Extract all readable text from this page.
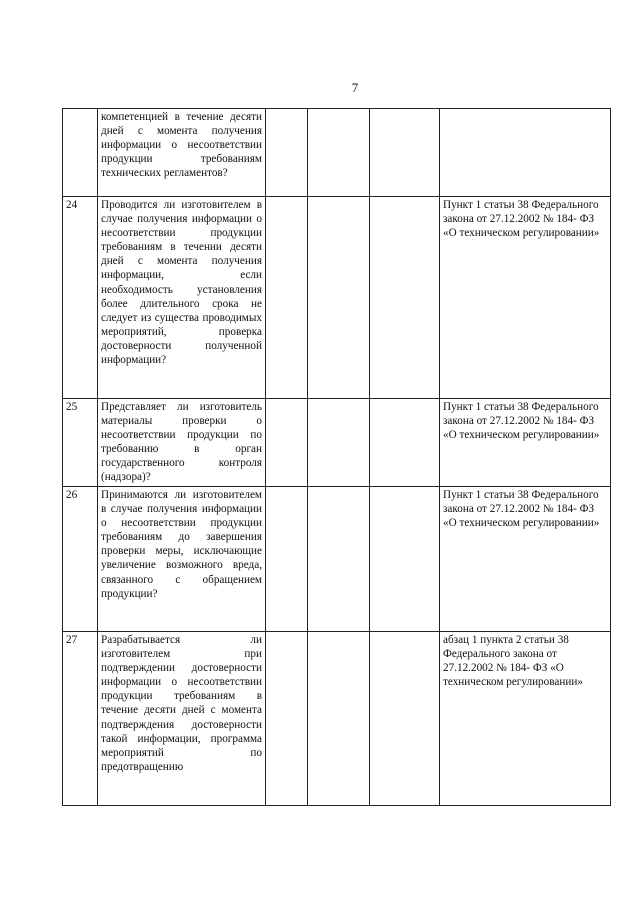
7
	компетенцией в течение десяти дней с момента получения информации о несоответствии продукции требованиям технических регламентов?				
24	Проводится ли изготовителем в случае получения информации о несоответствии продукции требованиям в течении десяти дней с момента получения информации, если необходимость установления более длительного срока не следует из существа проводимых мероприятий, проверка достоверности полученной информации?				Пункт 1 статьи 38 Федерального закона от 27.12.2002 № 184- ФЗ «О техническом регулировании»
25	Представляет ли изготовитель материалы проверки о несоответствии продукции по требованию в орган государственного контроля (надзора)?				Пункт 1 статьи 38 Федерального закона от 27.12.2002 № 184- ФЗ «О техническом регулировании»
26	Принимаются ли изготовителем в случае получения информации о несоответствии продукции требованиям до завершения проверки меры, исключающие увеличение возможного вреда, связанного с обращением продукции?				Пункт 1 статьи 38 Федерального закона от 27.12.2002 № 184- ФЗ «О техническом регулировании»
27	Разрабатывается ли изготовителем при подтверждении достоверности информации о несоответствии продукции требованиям в течение десяти дней с момента подтверждения достоверности такой информации, программа мероприятий по предотвращению				абзац 1 пункта 2 статьи 38 Федерального закона от 27.12.2002 № 184- ФЗ «О техническом регулировании»
